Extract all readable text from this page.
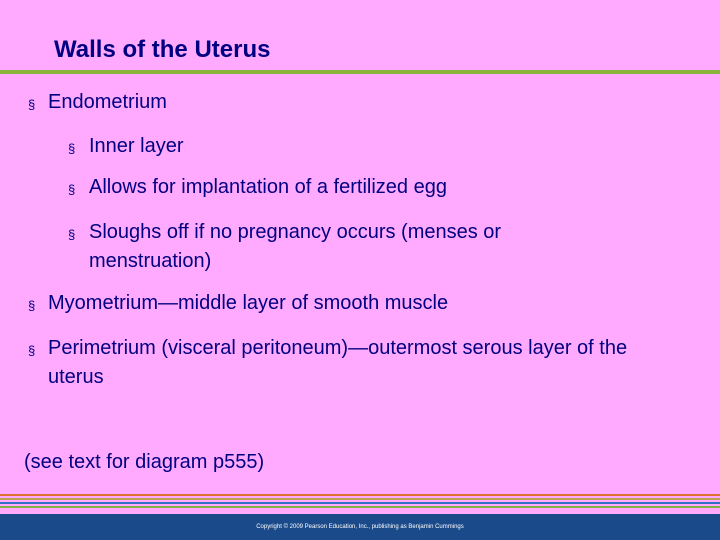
Walls of the Uterus
§ Endometrium
§ Inner layer
§ Allows for implantation of a fertilized egg
§ Sloughs off if no pregnancy occurs (menses or menstruation)
§ Myometrium—middle layer of smooth muscle
§ Perimetrium (visceral peritoneum)—outermost serous layer of the uterus
(see text for diagram p555)
Copyright © 2009 Pearson Education, Inc., publishing as Benjamin Cummings
